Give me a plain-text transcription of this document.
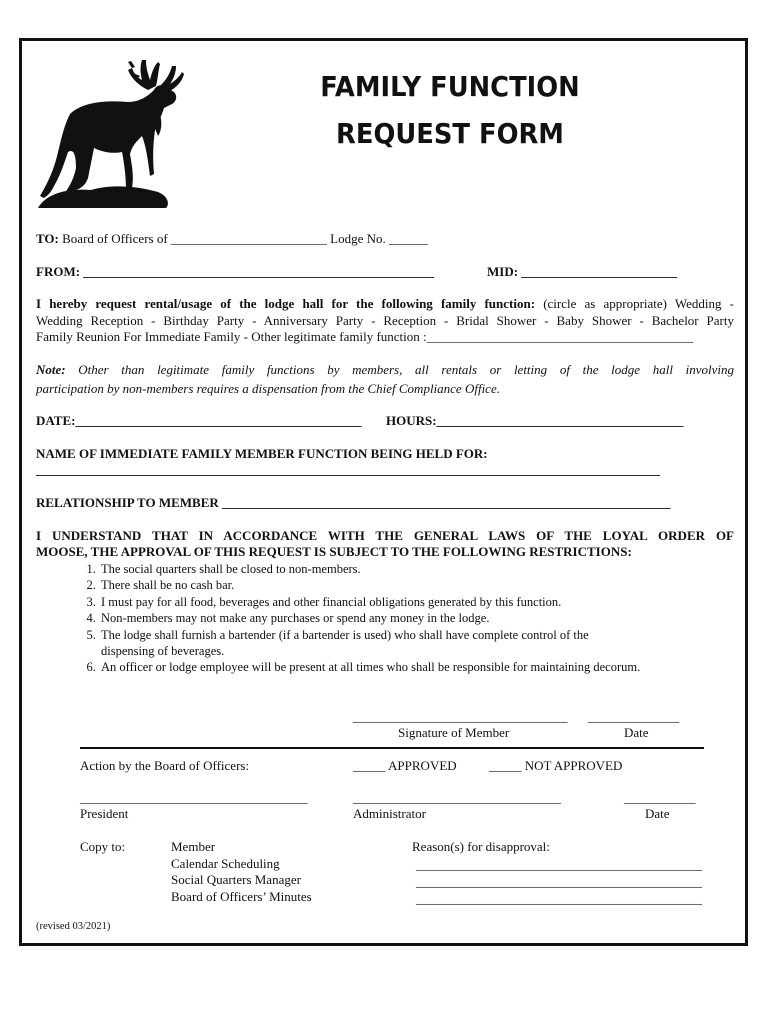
FAMILY FUNCTION
REQUEST FORM
TO: Board of Officers of ________________________ Lodge No. ______
FROM: ______________________________________________________	MID: ________________________
I hereby request rental/usage of the lodge hall for the following family function: (circle as appropriate) Wedding -
Wedding Reception - Birthday Party - Anniversary Party - Reception - Bridal Shower - Baby Shower - Bachelor Party
Family Reunion For Immediate Family - Other legitimate family function :_________________________________________
Note: Other than legitimate family functions by members, all rentals or letting of the lodge hall involving
participation by non-members requires a dispensation from the Chief Compliance Office.
DATE:____________________________________________ HOURS:______________________________________
NAME OF IMMEDIATE FAMILY MEMBER FUNCTION BEING HELD FOR:
________________________________________________________________________________________________
RELATIONSHIP TO MEMBER _____________________________________________________________________
I UNDERSTAND THAT IN ACCORDANCE WITH THE GENERAL LAWS OF THE LOYAL ORDER OF
MOOSE, THE APPROVAL OF THIS REQUEST IS SUBJECT TO THE FOLLOWING RESTRICTIONS:
1. The social quarters shall be closed to non-members.
2. There shall be no cash bar.
3. I must pay for all food, beverages and other financial obligations generated by this function.
4. Non-members may not make any purchases or spend any money in the lodge.
5. The lodge shall furnish a bartender (if a bartender is used) who shall have complete control of the dispensing of beverages.
6. An officer or lodge employee will be present at all times who shall be responsible for maintaining decorum.
_________________________________ ______________
Signature of Member	Date
Action by the Board of Officers:	_____ APPROVED _____ NOT APPROVED
___________________________________	________________________________	___________
President	Administrator	Date
Copy to:	Member
Calendar Scheduling
Social Quarters Manager
Board of Officers’ Minutes
Reason(s) for disapproval:
____________________________________________
____________________________________________
____________________________________________
(revised 03/2021)
